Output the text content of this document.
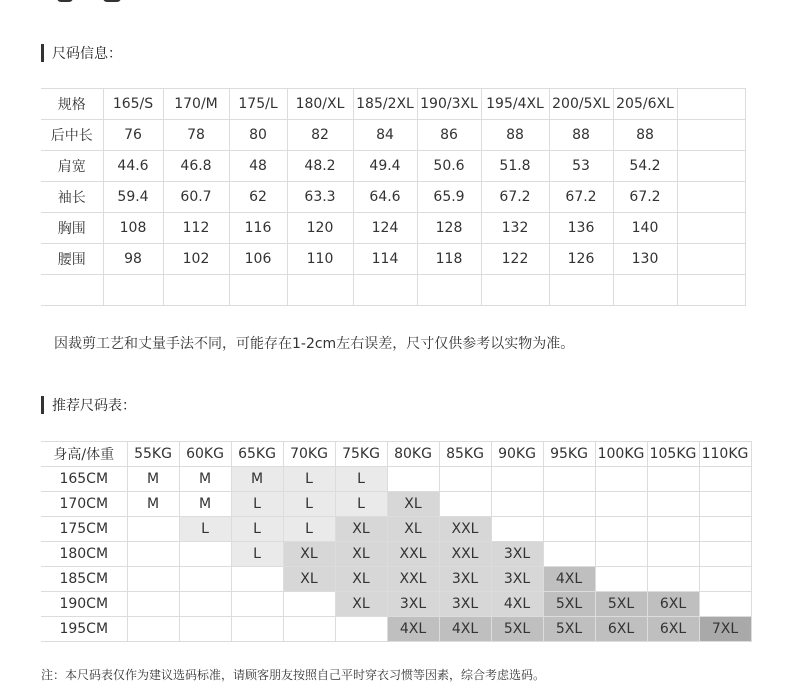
尺码信息：
规格	165/S	170/M	175/L	180/XL	185/2XL	190/3XL	195/4XL	200/5XL	205/6XL	
后中长	76	78	80	82	84	86	88	88	88	
肩宽	44.6	46.8	48	48.2	49.4	50.6	51.8	53	54.2	
袖长	59.4	60.7	62	63.3	64.6	65.9	67.2	67.2	67.2	
胸围	108	112	116	120	124	128	132	136	140	
腰围	98	102	106	110	114	118	122	126	130	

因裁剪工艺和丈量手法不同，可能存在1-2cm左右误差，尺寸仅供参考以实物为准。
推荐尺码表：
身高/体重	55KG	60KG	65KG	70KG	75KG	80KG	85KG	90KG	95KG	100KG	105KG	110KG
165CM	M	M	M	L	L							
170CM	M	M	L	L	L	XL						
175CM		L	L	L	XL	XL	XXL					
180CM			L	XL	XL	XXL	XXL	3XL				
185CM				XL	XL	XXL	3XL	3XL	4XL			
190CM					XL	3XL	3XL	4XL	5XL	5XL	6XL	
195CM						4XL	4XL	5XL	5XL	6XL	6XL	7XL
注：本尺码表仅作为建议选码标准，请顾客朋友按照自己平时穿衣习惯等因素，综合考虑选码。
